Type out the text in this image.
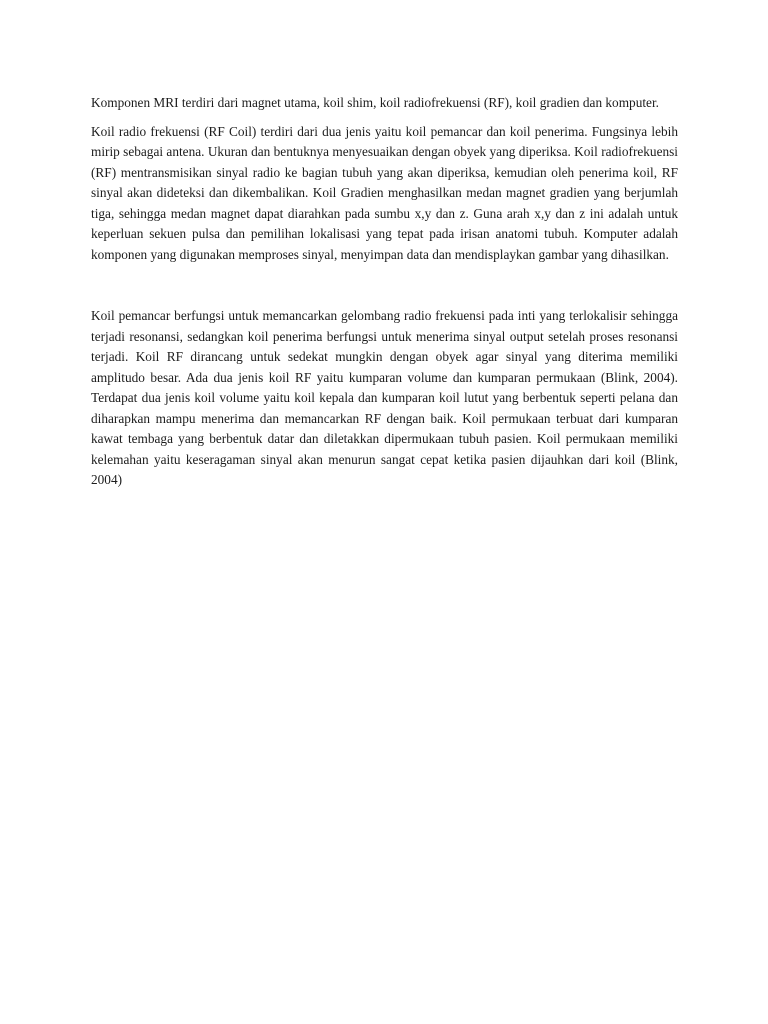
Komponen MRI terdiri dari magnet utama, koil shim, koil radiofrekuensi (RF), koil gradien dan komputer.

Koil radio frekuensi (RF Coil) terdiri dari dua jenis yaitu koil pemancar dan koil penerima. Fungsinya lebih mirip sebagai antena. Ukuran dan bentuknya menyesuaikan dengan obyek yang diperiksa. Koil radiofrekuensi (RF) mentransmisikan sinyal radio ke bagian tubuh yang akan diperiksa, kemudian oleh penerima koil, RF sinyal akan dideteksi dan dikembalikan. Koil Gradien menghasilkan medan magnet gradien yang berjumlah tiga, sehingga medan magnet dapat diarahkan pada sumbu x,y dan z. Guna arah x,y dan z ini adalah untuk keperluan sekuen pulsa dan pemilihan lokalisasi yang tepat pada irisan anatomi tubuh. Komputer adalah komponen yang digunakan memproses sinyal, menyimpan data dan mendisplaykan gambar yang dihasilkan.

Koil pemancar berfungsi untuk memancarkan gelombang radio frekuensi pada inti yang terlokalisir sehingga terjadi resonansi, sedangkan koil penerima berfungsi untuk menerima sinyal output setelah proses resonansi terjadi. Koil RF dirancang untuk sedekat mungkin dengan obyek agar sinyal yang diterima memiliki amplitudo besar. Ada dua jenis koil RF yaitu kumparan volume dan kumparan permukaan (Blink, 2004). Terdapat dua jenis koil volume yaitu koil kepala dan kumparan koil lutut yang berbentuk seperti pelana dan diharapkan mampu menerima dan memancarkan RF dengan baik. Koil permukaan terbuat dari kumparan kawat tembaga yang berbentuk datar dan diletakkan dipermukaan tubuh pasien. Koil permukaan memiliki kelemahan yaitu keseragaman sinyal akan menurun sangat cepat ketika pasien dijauhkan dari koil (Blink, 2004)
